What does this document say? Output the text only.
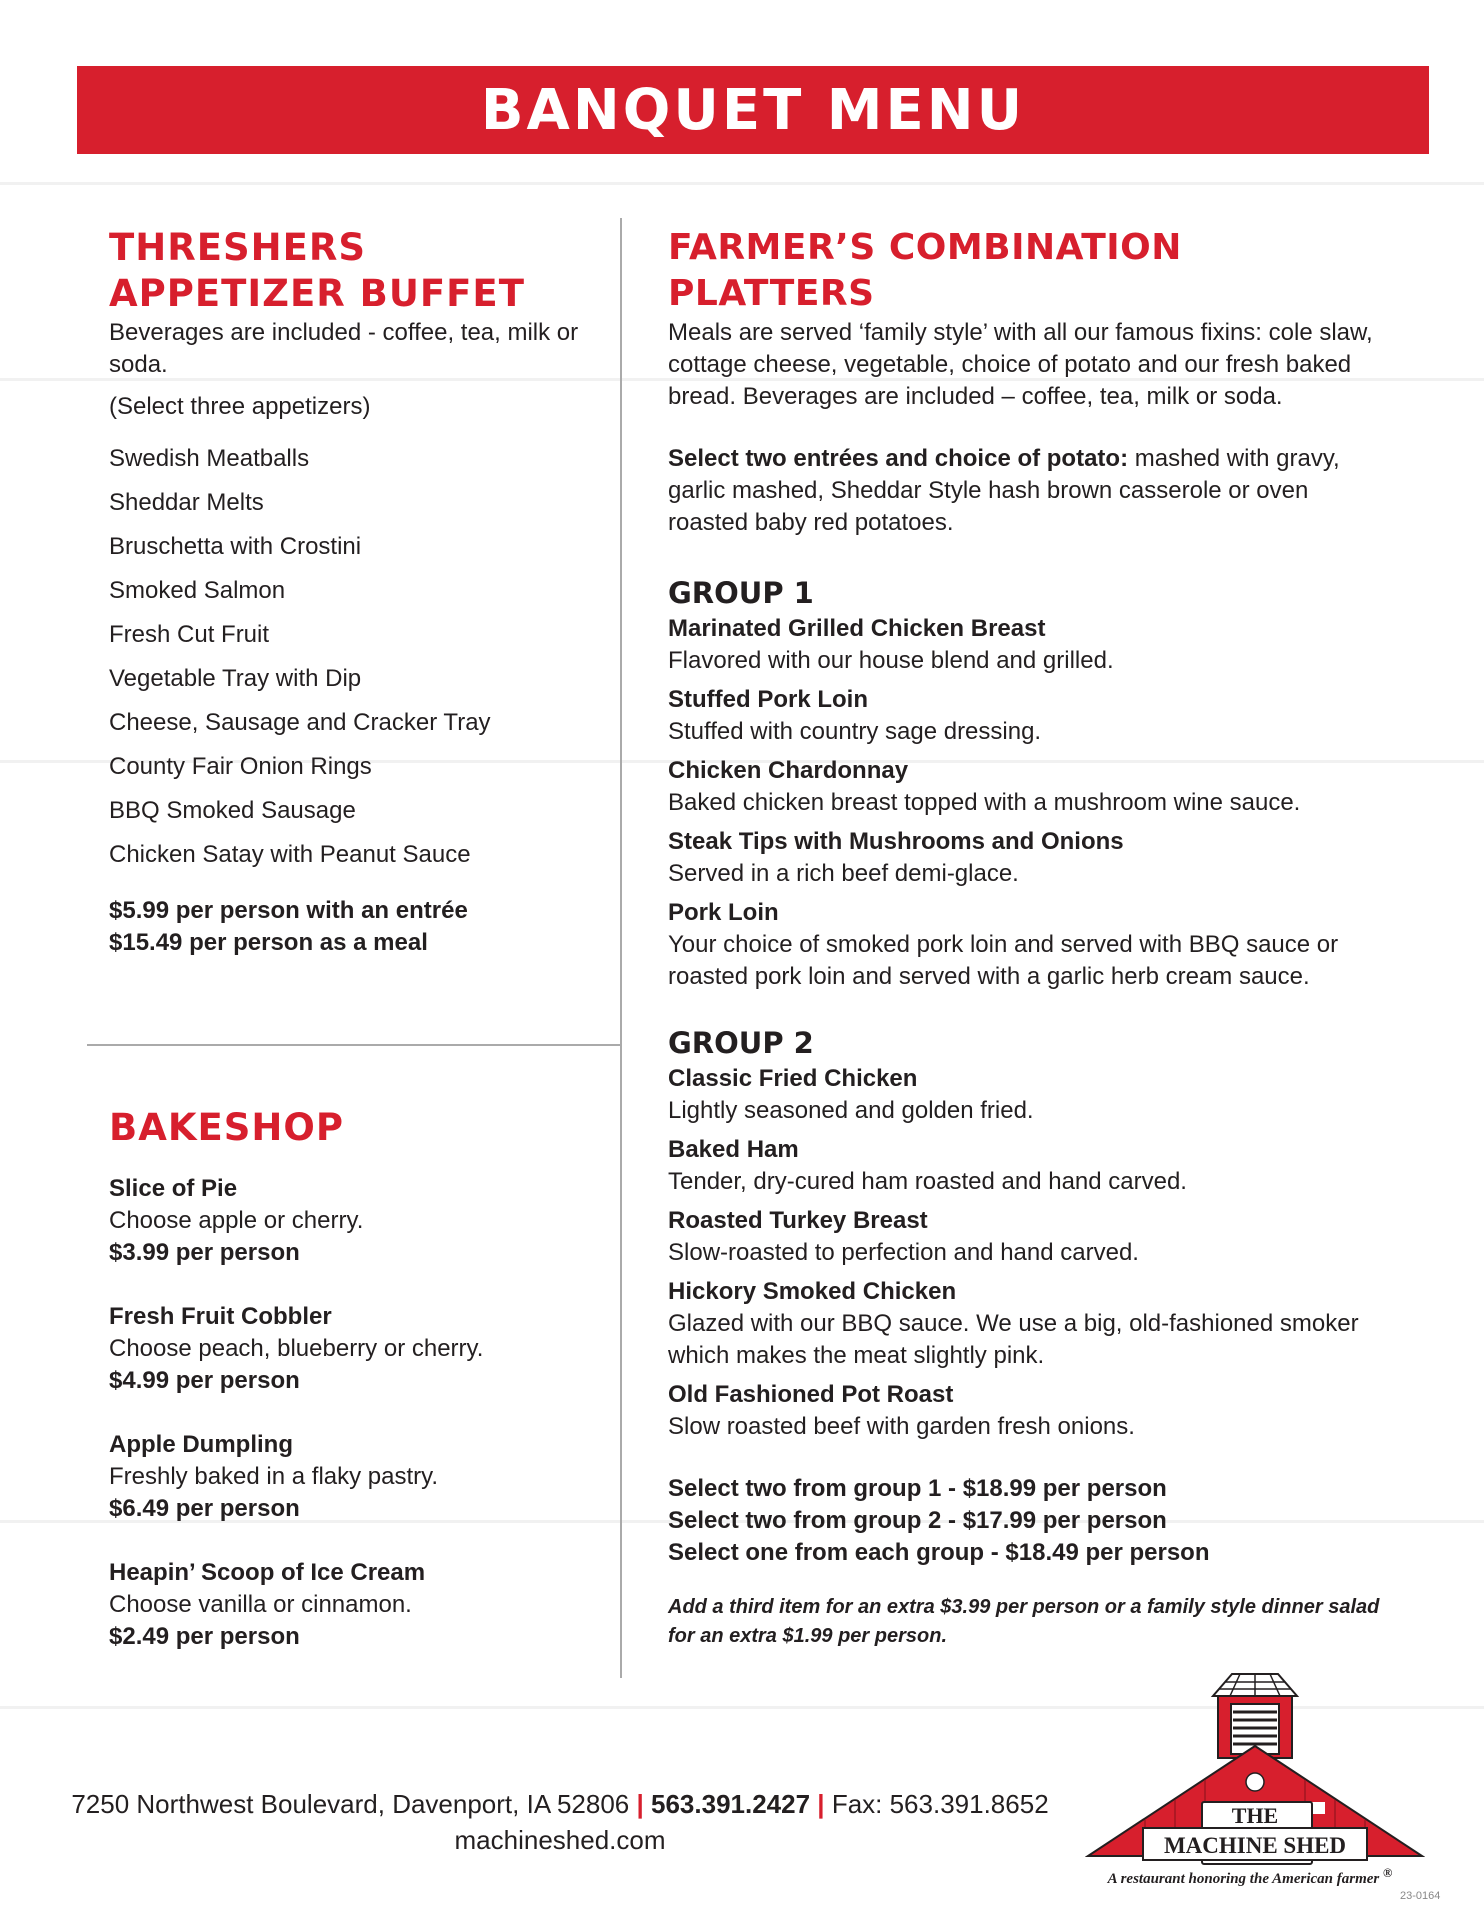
BANQUET MENU
THRESHERS
APPETIZER BUFFET

Beverages are included - coffee, tea, milk or soda.

(Select three appetizers)

Swedish Meatballs
Sheddar Melts
Bruschetta with Crostini
Smoked Salmon
Fresh Cut Fruit
Vegetable Tray with Dip
Cheese, Sausage and Cracker Tray
County Fair Onion Rings
BBQ Smoked Sausage
Chicken Satay with Peanut Sauce

$5.99 per person with an entrée

$15.49 per person as a meal

BAKESHOP

Slice of Pie

Choose apple or cherry.

$3.99 per person

Fresh Fruit Cobbler

Choose peach, blueberry or cherry.

$4.99 per person

Apple Dumpling

Freshly baked in a flaky pastry.

$6.49 per person

Heapin’ Scoop of Ice Cream

Choose vanilla or cinnamon.

$2.49 per person

FARMER’S COMBINATION PLATTERS

Meals are served ‘family style’ with all our famous fixins: cole slaw, cottage cheese, vegetable, choice of potato and our fresh baked bread. Beverages are included – coffee, tea, milk or soda.

Select two entrées and choice of potato: mashed with gravy, garlic mashed, Sheddar Style hash brown casserole or oven roasted baby red potatoes.

GROUP 1

Marinated Grilled Chicken Breast

Flavored with our house blend and grilled.

Stuffed Pork Loin

Stuffed with country sage dressing.

Chicken Chardonnay

Baked chicken breast topped with a mushroom wine sauce.

Steak Tips with Mushrooms and Onions

Served in a rich beef demi-glace.

Pork Loin

Your choice of smoked pork loin and served with BBQ sauce or roasted pork loin and served with a garlic herb cream sauce.

GROUP 2

Classic Fried Chicken

Lightly seasoned and golden fried.

Baked Ham

Tender, dry-cured ham roasted and hand carved.

Roasted Turkey Breast

Slow-roasted to perfection and hand carved.

Hickory Smoked Chicken

Glazed with our BBQ sauce. We use a big, old-fashioned smoker which makes the meat slightly pink.

Old Fashioned Pot Roast

Slow roasted beef with garden fresh onions.

Select two from group 1 - $18.99 per person

Select two from group 2 - $17.99 per person

Select one from each group - $18.49 per person

Add a third item for an extra $3.99 per person or a family style dinner salad for an extra $1.99 per person.

7250 Northwest Boulevard, Davenport, IA 52806 | 563.391.2427 | Fax: 563.391.8652
machineshed.com
THE
MACHINE SHED
A restaurant honoring the American farmer ®
23-0164
